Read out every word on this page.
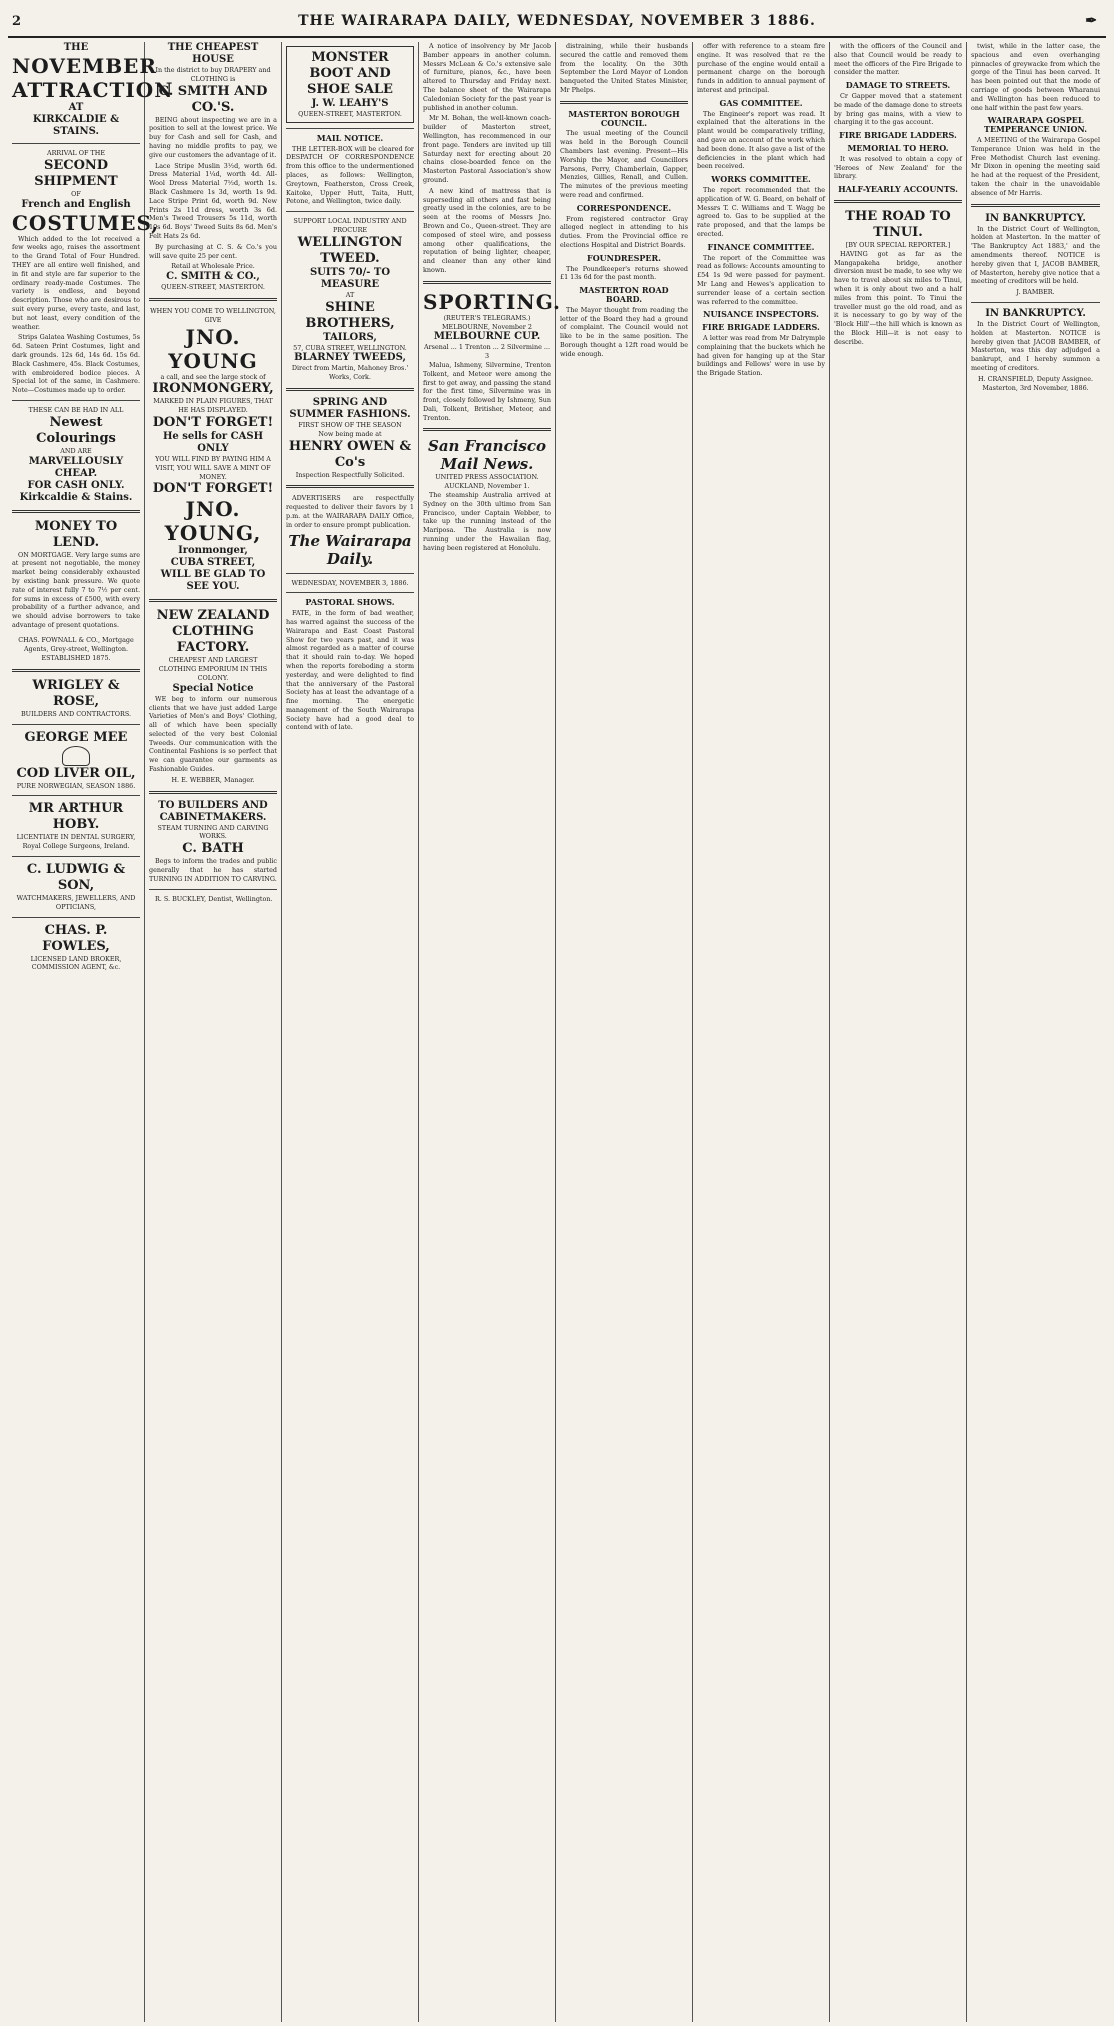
2	THE WAIRARAPA DAILY, WEDNESDAY, NOVEMBER 3 1886.	✒
THE
NOVEMBER
ATTRACTION
AT
KIRKCALDIE & STAINS.
ARRIVAL OF THE
SECOND SHIPMENT
OF
French and English
COSTUMES,

Which added to the lot received a few weeks ago, raises the assortment to the Grand Total of Four Hundred. THEY are all entire well finished, and in fit and style are far superior to the ordinary ready-made Costumes. The variety is endless, and beyond description. Those who are desirous to suit every purse, every taste, and last, but not least, every condition of the weather.

Strips Galatea Washing Costumes, 5s 6d. Sateen Print Costumes, light and dark grounds. 12s 6d, 14s 6d. 15s 6d. Black Cashmere, 45s. Black Costumes, with embroidered bodice pieces. A Special lot of the same, in Cashmere. Note—Costumes made up to order.

THESE CAN BE HAD IN ALL
Newest Colourings
AND ARE
MARVELLOUSLY CHEAP.
FOR CASH ONLY.
Kirkcaldie & Stains.
MONEY TO LEND.

ON MORTGAGE. Very large sums are at present not negotiable, the money market being considerably exhausted by existing bank pressure. We quote rate of interest fully 7 to 7½ per cent. for sums in excess of £500, with every probability of a further advance, and we should advise borrowers to take advantage of present quotations.

CHAS. FOWNALL & CO., Mortgage Agents, Grey-street, Wellington. ESTABLISHED 1875.

WRIGLEY & ROSE,
BUILDERS AND CONTRACTORS.
GEORGE MEE
COD LIVER OIL,
PURE NORWEGIAN, SEASON 1886.
MR ARTHUR HOBY.
LICENTIATE IN DENTAL SURGERY, Royal College Surgeons, Ireland.
C. LUDWIG & SON,
WATCHMAKERS, JEWELLERS, AND OPTICIANS,
CHAS. P. FOWLES,
LICENSED LAND BROKER, COMMISSION AGENT, &c.
THE CHEAPEST HOUSE
In the district to buy DRAPERY and CLOTHING is
C. SMITH AND CO.'S.

BEING about inspecting we are in a position to sell at the lowest price. We buy for Cash and sell for Cash, and having no middle profits to pay, we give our customers the advantage of it.

Lace Stripe Muslin 3½d, worth 6d. Dress Material 1¼d, worth 4d. All-Wool Dress Material 7½d, worth 1s. Black Cashmere 1s 3d, worth 1s 9d. Lace Stripe Print 6d, worth 9d. New Prints 2s 11d dress, worth 3s 6d. Men's Tweed Trousers 5s 11d, worth 10s 6d. Boys' Tweed Suits 8s 6d. Men's Felt Hats 2s 6d.

By purchasing at C. S. & Co.'s you will save quite 25 per cent.

Retail at Wholesale Price.
C. SMITH & CO.,
QUEEN-STREET, MASTERTON.
WHEN YOU COME TO WELLINGTON, GIVE
JNO. YOUNG
a call, and see the large stock of
IRONMONGERY,
MARKED IN PLAIN FIGURES, THAT HE HAS DISPLAYED.
DON'T FORGET!
He sells for CASH ONLY
YOU WILL FIND BY PAYING HIM A VISIT, YOU WILL SAVE A MINT OF MONEY.
DON'T FORGET!
JNO. YOUNG,
Ironmonger,
CUBA STREET,
WILL BE GLAD TO SEE YOU.
NEW ZEALAND
CLOTHING FACTORY.
CHEAPEST AND LARGEST CLOTHING EMPORIUM IN THIS COLONY.
Special Notice

WE beg to inform our numerous clients that we have just added Large Varieties of Men's and Boys' Clothing, all of which have been specially selected of the very best Colonial Tweeds. Our communication with the Continental Fashions is so perfect that we can guarantee our garments as Fashionable Guides.

H. E. WEBBER, Manager.
TO BUILDERS AND CABINETMAKERS.
STEAM TURNING AND CARVING WORKS.
C. BATH

Begs to inform the trades and public generally that he has started TURNING IN ADDITION TO CARVING.

R. S. BUCKLEY, Dentist, Wellington.

MONSTER BOOT AND SHOE SALE
J. W. LEAHY'S
QUEEN-STREET, MASTERTON.
MAIL NOTICE.

THE LETTER-BOX will be cleared for DESPATCH OF CORRESPONDENCE from this office to the undermentioned places, as follows: Wellington, Greytown, Featherston, Cross Creek, Kaitoke, Upper Hutt, Taita, Hutt, Petone, and Wellington, twice daily.

SUPPORT LOCAL INDUSTRY AND PROCURE
WELLINGTON TWEED.
SUITS 70/- TO MEASURE
AT
SHINE BROTHERS,
TAILORS,
57, CUBA STREET, WELLINGTON.
BLARNEY TWEEDS,
Direct from Martin, Mahoney Bros.' Works, Cork.
SPRING AND SUMMER FASHIONS.
FIRST SHOW OF THE SEASON
Now being made at
HENRY OWEN & Co's
Inspection Respectfully Solicited.

ADVERTISERS are respectfully requested to deliver their favors by 1 p.m. at the WAIRARAPA DAILY Office, in order to ensure prompt publication.

The Wairarapa Daily.
WEDNESDAY, NOVEMBER 3, 1886.
PASTORAL SHOWS.

FATE, in the form of bad weather, has warred against the success of the Wairarapa and East Coast Pastoral Show for two years past, and it was almost regarded as a matter of course that it should rain to-day. We hoped when the reports foreboding a storm yesterday, and were delighted to find that the anniversary of the Pastoral Society has at least the advantage of a fine morning. The energetic management of the South Wairarapa Society have had a good deal to contend with of late.

A notice of insolvency by Mr Jacob Bamber appears in another column. Messrs McLean & Co.'s extensive sale of furniture, pianos, &c., have been altered to Thursday and Friday next. The balance sheet of the Wairarapa Caledonian Society for the past year is published in another column.

Mr M. Bohan, the well-known coach-builder of Masterton street, Wellington, has recommenced in our front page. Tenders are invited up till Saturday next for erecting about 20 chains close-boarded fence on the Masterton Pastoral Association's show ground.

A new kind of mattress that is superseding all others and fast being greatly used in the colonies, are to be seen at the rooms of Messrs Jno. Brown and Co., Queen-street. They are composed of steel wire, and possess among other qualifications, the reputation of being lighter, cheaper, and cleaner than any other kind known.

SPORTING.
(REUTER'S TELEGRAMS.)
MELBOURNE, November 2
MELBOURNE CUP.
Arsenal ... 1 Trenton ... 2 Silvermine ... 3

Malua, Ishmeny, Silvermine, Trenton Tolkent, and Meteor were among the first to get away, and passing the stand for the first time, Silvermine was in front, closely followed by Ishmeny, Sun Dali, Tolkent, Britisher, Meteor, and Trenton.

San Francisco Mail News.
UNITED PRESS ASSOCIATION.
AUCKLAND, November 1.

The steamship Australia arrived at Sydney on the 30th ultimo from San Francisco, under Captain Webber, to take up the running instead of the Mariposa. The Australia is now running under the Hawaiian flag, having been registered at Honolulu.

distraining, while their husbands secured the cattle and removed them from the locality. On the 30th September the Lord Mayor of London banqueted the United States Minister, Mr Phelps.

MASTERTON BOROUGH COUNCIL.

The usual meeting of the Council was held in the Borough Council Chambers last evening. Present—His Worship the Mayor, and Councillors Parsons, Perry, Chamberlain, Gapper, Menzies, Gillies, Renall, and Cullen. The minutes of the previous meeting were read and confirmed.

CORRESPONDENCE.

From registered contractor Gray alleged neglect in attending to his duties. From the Provincial office re elections Hospital and District Boards.

FOUNDRESPER.

The Poundkeeper's returns showed £1 13s 6d for the past month.

MASTERTON ROAD BOARD.

The Mayor thought from reading the letter of the Board they had a ground of complaint. The Council would not like to be in the same position. The Borough thought a 12ft road would be wide enough.

offer with reference to a steam fire engine. It was resolved that re the purchase of the engine would entail a permanent charge on the borough funds in addition to annual payment of interest and principal.

GAS COMMITTEE.

The Engineer's report was read. It explained that the alterations in the plant would be comparatively trifling, and gave an account of the work which had been done. It also gave a list of the deficiencies in the plant which had been received.

WORKS COMMITTEE.

The report recommended that the application of W. G. Beard, on behalf of Messrs T. C. Williams and T. Wagg be agreed to. Gas to be supplied at the rate proposed, and that the lamps be erected.

FINANCE COMMITTEE.

The report of the Committee was read as follows: Accounts amounting to £54 1s 9d were passed for payment. Mr Lang and Hewes's application to surrender lease of a certain section was referred to the committee.

NUISANCE INSPECTORS.
FIRE BRIGADE LADDERS.

A letter was read from Mr Dalrymple complaining that the buckets which he had given for hanging up at the Star buildings and Fellows' were in use by the Brigade Station.

with the officers of the Council and also that Council would be ready to meet the officers of the Fire Brigade to consider the matter.

DAMAGE TO STREETS.

Cr Gapper moved that a statement be made of the damage done to streets by bring gas mains, with a view to charging it to the gas account.

FIRE BRIGADE LADDERS.
MEMORIAL TO HERO.

It was resolved to obtain a copy of 'Heroes of New Zealand' for the library.

HALF-YEARLY ACCOUNTS.
THE ROAD TO TINUI.
[BY OUR SPECIAL REPORTER.]

HAVING got as far as the Mangapakeha bridge, another diversion must be made, to see why we have to travel about six miles to Tinui, when it is only about two and a half miles from this point. To Tinui the traveller must go the old road, and as it is necessary to go by way of the 'Block Hill'—the hill which is known as the Block Hill—it is not easy to describe.

twist, while in the latter case, the spacious and even overhanging pinnacles of greywacke from which the gorge of the Tinui has been carved. It has been pointed out that the mode of carriage of goods between Wharanui and Wellington has been reduced to one half within the past few years.

WAIRARAPA GOSPEL TEMPERANCE UNION.

A MEETING of the Wairarapa Gospel Temperance Union was held in the Free Methodist Church last evening. Mr Dixon in opening the meeting said he had at the request of the President, taken the chair in the unavoidable absence of Mr Harris.

IN BANKRUPTCY.

In the District Court of Wellington, holden at Masterton. In the matter of 'The Bankruptcy Act 1883,' and the amendments thereof. NOTICE is hereby given that I, JACOB BAMBER, of Masterton, hereby give notice that a meeting of creditors will be held.

J. BAMBER.
IN BANKRUPTCY.

In the District Court of Wellington, holden at Masterton. NOTICE is hereby given that JACOB BAMBER, of Masterton, was this day adjudged a bankrupt, and I hereby summon a meeting of creditors.

H. CRANSFIELD, Deputy Assignee. Masterton, 3rd November, 1886.
